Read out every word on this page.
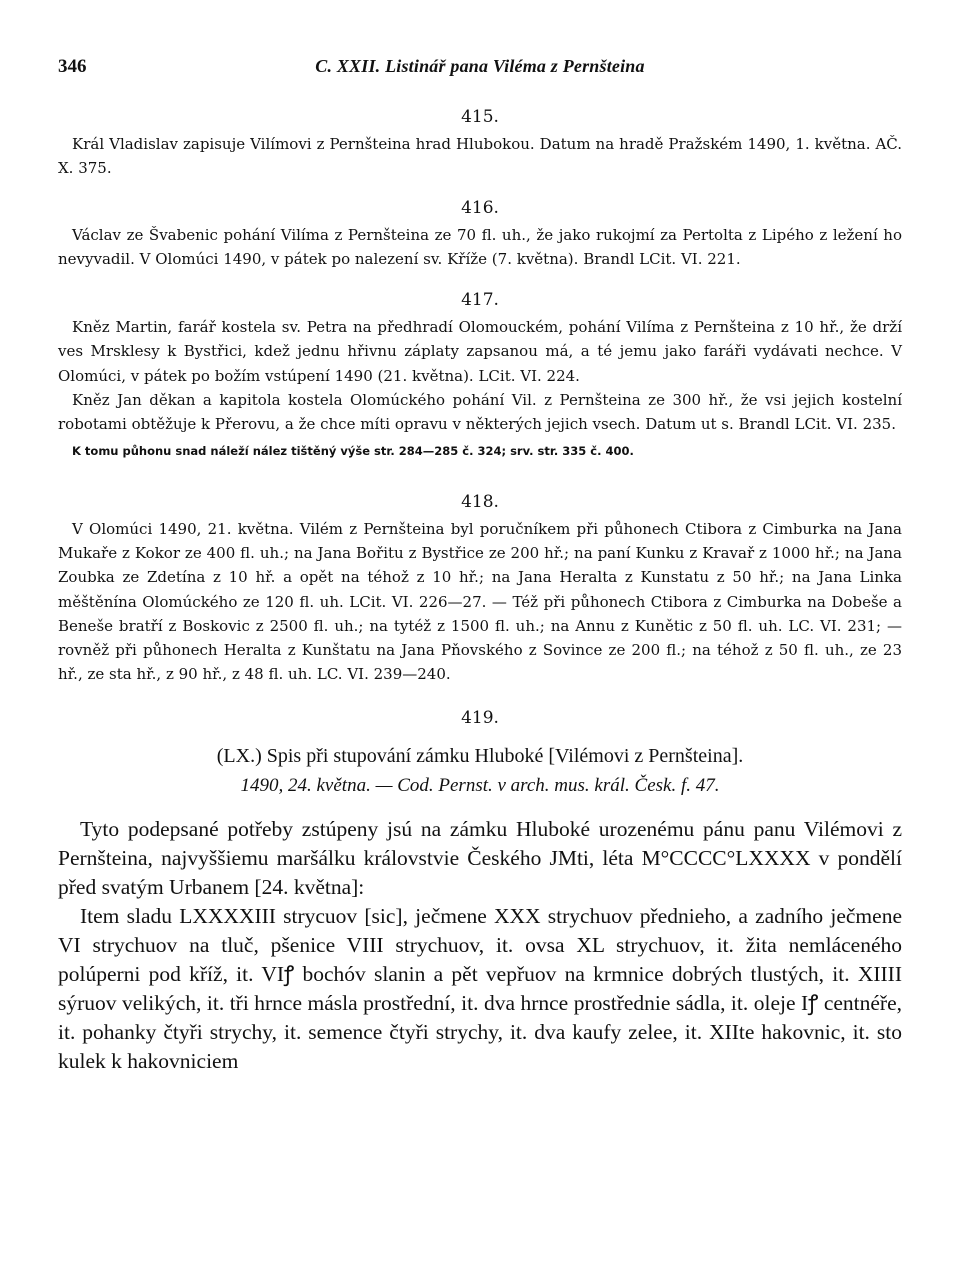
346	C. XXII. Listinář pana Viléma z Pernšteina

415.

Král Vladislav zapisuje Vilímovi z Pernšteina hrad Hlubokou. Datum na hradě Pražském 1490, 1. května. AČ. X. 375.

416.

Václav ze Švabenic pohání Vilíma z Pernšteina ze 70 fl. uh., že jako rukojmí za Pertolta z Lipého z ležení ho nevyvadil. V Olomúci 1490, v pátek po nalezení sv. Kříže (7. května). Brandl LCit. VI. 221.

417.

Kněz Martin, farář kostela sv. Petra na předhradí Olomouckém, pohání Vilíma z Pernšteina z 10 hř., že drží ves Mrsklesy k Bystřici, kdež jednu hřivnu záplaty zapsanou má, a té jemu jako faráři vydávati nechce. V Olomúci, v pátek po božím vstúpení 1490 (21. května). LCit. VI. 224.

Kněz Jan děkan a kapitola kostela Olomúckého pohání Vil. z Pernšteina ze 300 hř., že vsi jejich kostelní robotami obtěžuje k Přerovu, a že chce míti opravu v některých jejich vsech. Datum ut s. Brandl LCit. VI. 235.

K tomu půhonu snad náleží nález tištěný výše str. 284—285 č. 324; srv. str. 335 č. 400.

418.

V Olomúci 1490, 21. května. Vilém z Pernšteina byl poručníkem při půhonech Ctibora z Cimburka na Jana Mukaře z Kokor ze 400 fl. uh.; na Jana Bořitu z Bystřice ze 200 hř.; na paní Kunku z Kravař z 1000 hř.; na Jana Zoubka ze Zdetína z 10 hř. a opět na téhož z 10 hř.; na Jana Heralta z Kunstatu z 50 hř.; na Jana Linka měštěnína Olomúckého ze 120 fl. uh. LCit. VI. 226—27. — Též při půhonech Ctibora z Cimburka na Dobeše a Beneše bratří z Boskovic z 2500 fl. uh.; na tytéž z 1500 fl. uh.; na Annu z Kunětic z 50 fl. uh. LC. VI. 231; — rovněž při půhonech Heralta z Kunštatu na Jana Pňovského z Sovince ze 200 fl.; na téhož z 50 fl. uh., ze 23 hř., ze sta hř., z 90 hř., z 48 fl. uh. LC. VI. 239—240.

419.

(LX.) Spis při stupování zámku Hluboké [Vilémovi z Pernšteina].

1490, 24. května. — Cod. Pernst. v arch. mus. král. Česk. f. 47.

Tyto podepsané potřeby zstúpeny jsú na zámku Hluboké urozenému pánu panu Vilémovi z Pernšteina, najvyššiemu maršálku královstvie Českého JMti, léta M°CCCC°LXXXX v pondělí před svatým Urbanem [24. května]:

Item sladu LXXXXIII strycuov [sic], ječmene XXX strychuov přednieho, a zadního ječmene VI strychuov na tluč, pšenice VIII strychuov, it. ovsa XL strychuov, it. žita nemláceného polúperni pod kříž, it. VIꝭ bochóv slanin a pět vepřuov na krmnice dobrých tlustých, it. XIIII sýruov velikých, it. tři hrnce másla prostřední, it. dva hrnce prostřednie sádla, it. oleje Iꝭ centnéře, it. pohanky čtyři strychy, it. semence čtyři strychy, it. dva kaufy zelee, it. XIIte hakovnic, it. sto kulek k hakovniciem
